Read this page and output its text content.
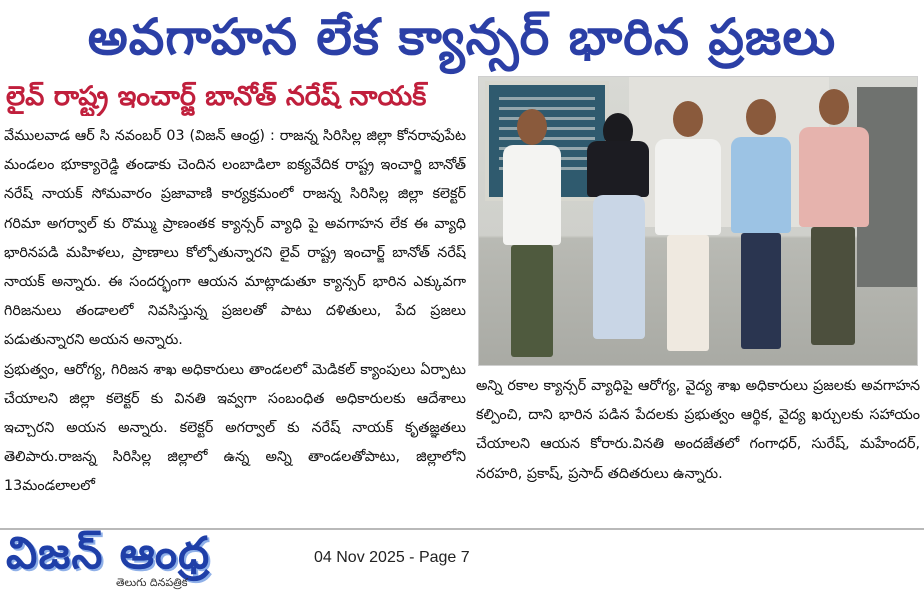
అవగాహన లేక క్యాన్సర్ భారిన ప్రజలు
లైవ్ రాష్ట్ర ఇంచార్జ్ బానోత్ నరేష్ నాయక్

వేములవాడ ఆర్ సి నవంబర్ 03 (విజన్ ఆంధ్ర) : రాజన్న సిరిసిల్ల జిల్లా కోనరావుపేట మండలం భూక్యారెడ్డి తండాకు చెందిన లంబాడిలా ఐక్యవేదిక రాష్ట్ర ఇంచార్జి బానోత్ నరేష్ నాయక్ సోమవారం ప్రజావాణి కార్యక్రమంలో రాజన్న సిరిసిల్ల జిల్లా కలెక్టర్ గరిమా అగర్వాల్ కు రొమ్ము ప్రాణంతక క్యాన్సర్ వ్యాధి పై అవగాహన లేక ఈ వ్యాధి భారినపడి మహిళలు, ప్రాణాలు కోల్పోతున్నారని లైవ్ రాష్ట్ర ఇంచార్జ్ బానోత్ నరేష్ నాయక్ అన్నారు. ఈ సందర్భంగా ఆయన మాట్లాడుతూ క్యాన్సర్ భారిన ఎక్కువగా గిరిజనులు తండాలలో నివసిస్తున్న ప్రజలతో పాటు దళితులు, పేద ప్రజలు పడుతున్నారని అయన అన్నారు.

ప్రభుత్వం, ఆరోగ్య, గిరిజన శాఖ అధికారులు తాండలలో మెడికల్ క్యాంపులు ఏర్పాటు చేయాలని జిల్లా కలెక్టర్ కు వినతి ఇవ్వగా సంబంధిత అధికారులకు ఆదేశాలు ఇచ్చారని అయన అన్నారు. కలెక్టర్ అగర్వాల్ కు నరేష్ నాయక్ కృతజ్ఞతలు తెలిపారు.రాజన్న సిరిసిల్ల జిల్లాలో ఉన్న అన్ని తాండలతోపాటు, జిల్లాలోని 13మండలాలలో

అన్ని రకాల క్యాన్సర్ వ్యాధిపై ఆరోగ్య, వైద్య శాఖ అధికారులు ప్రజలకు అవగాహన కల్పించి, దాని భారిన పడిన పేదలకు ప్రభుత్వం ఆర్థిక, వైద్య ఖర్చులకు సహాయం చేయాలని ఆయన కోరారు.వినతి అందజేతలో గంగాధర్, సురేష్, మహేందర్, నరహరి, ప్రకాష్, ప్రసాద్ తదితరులు ఉన్నారు.
విజన్ ఆంధ్ర
తెలుగు దినపత్రిక
04 Nov 2025 - Page 7
